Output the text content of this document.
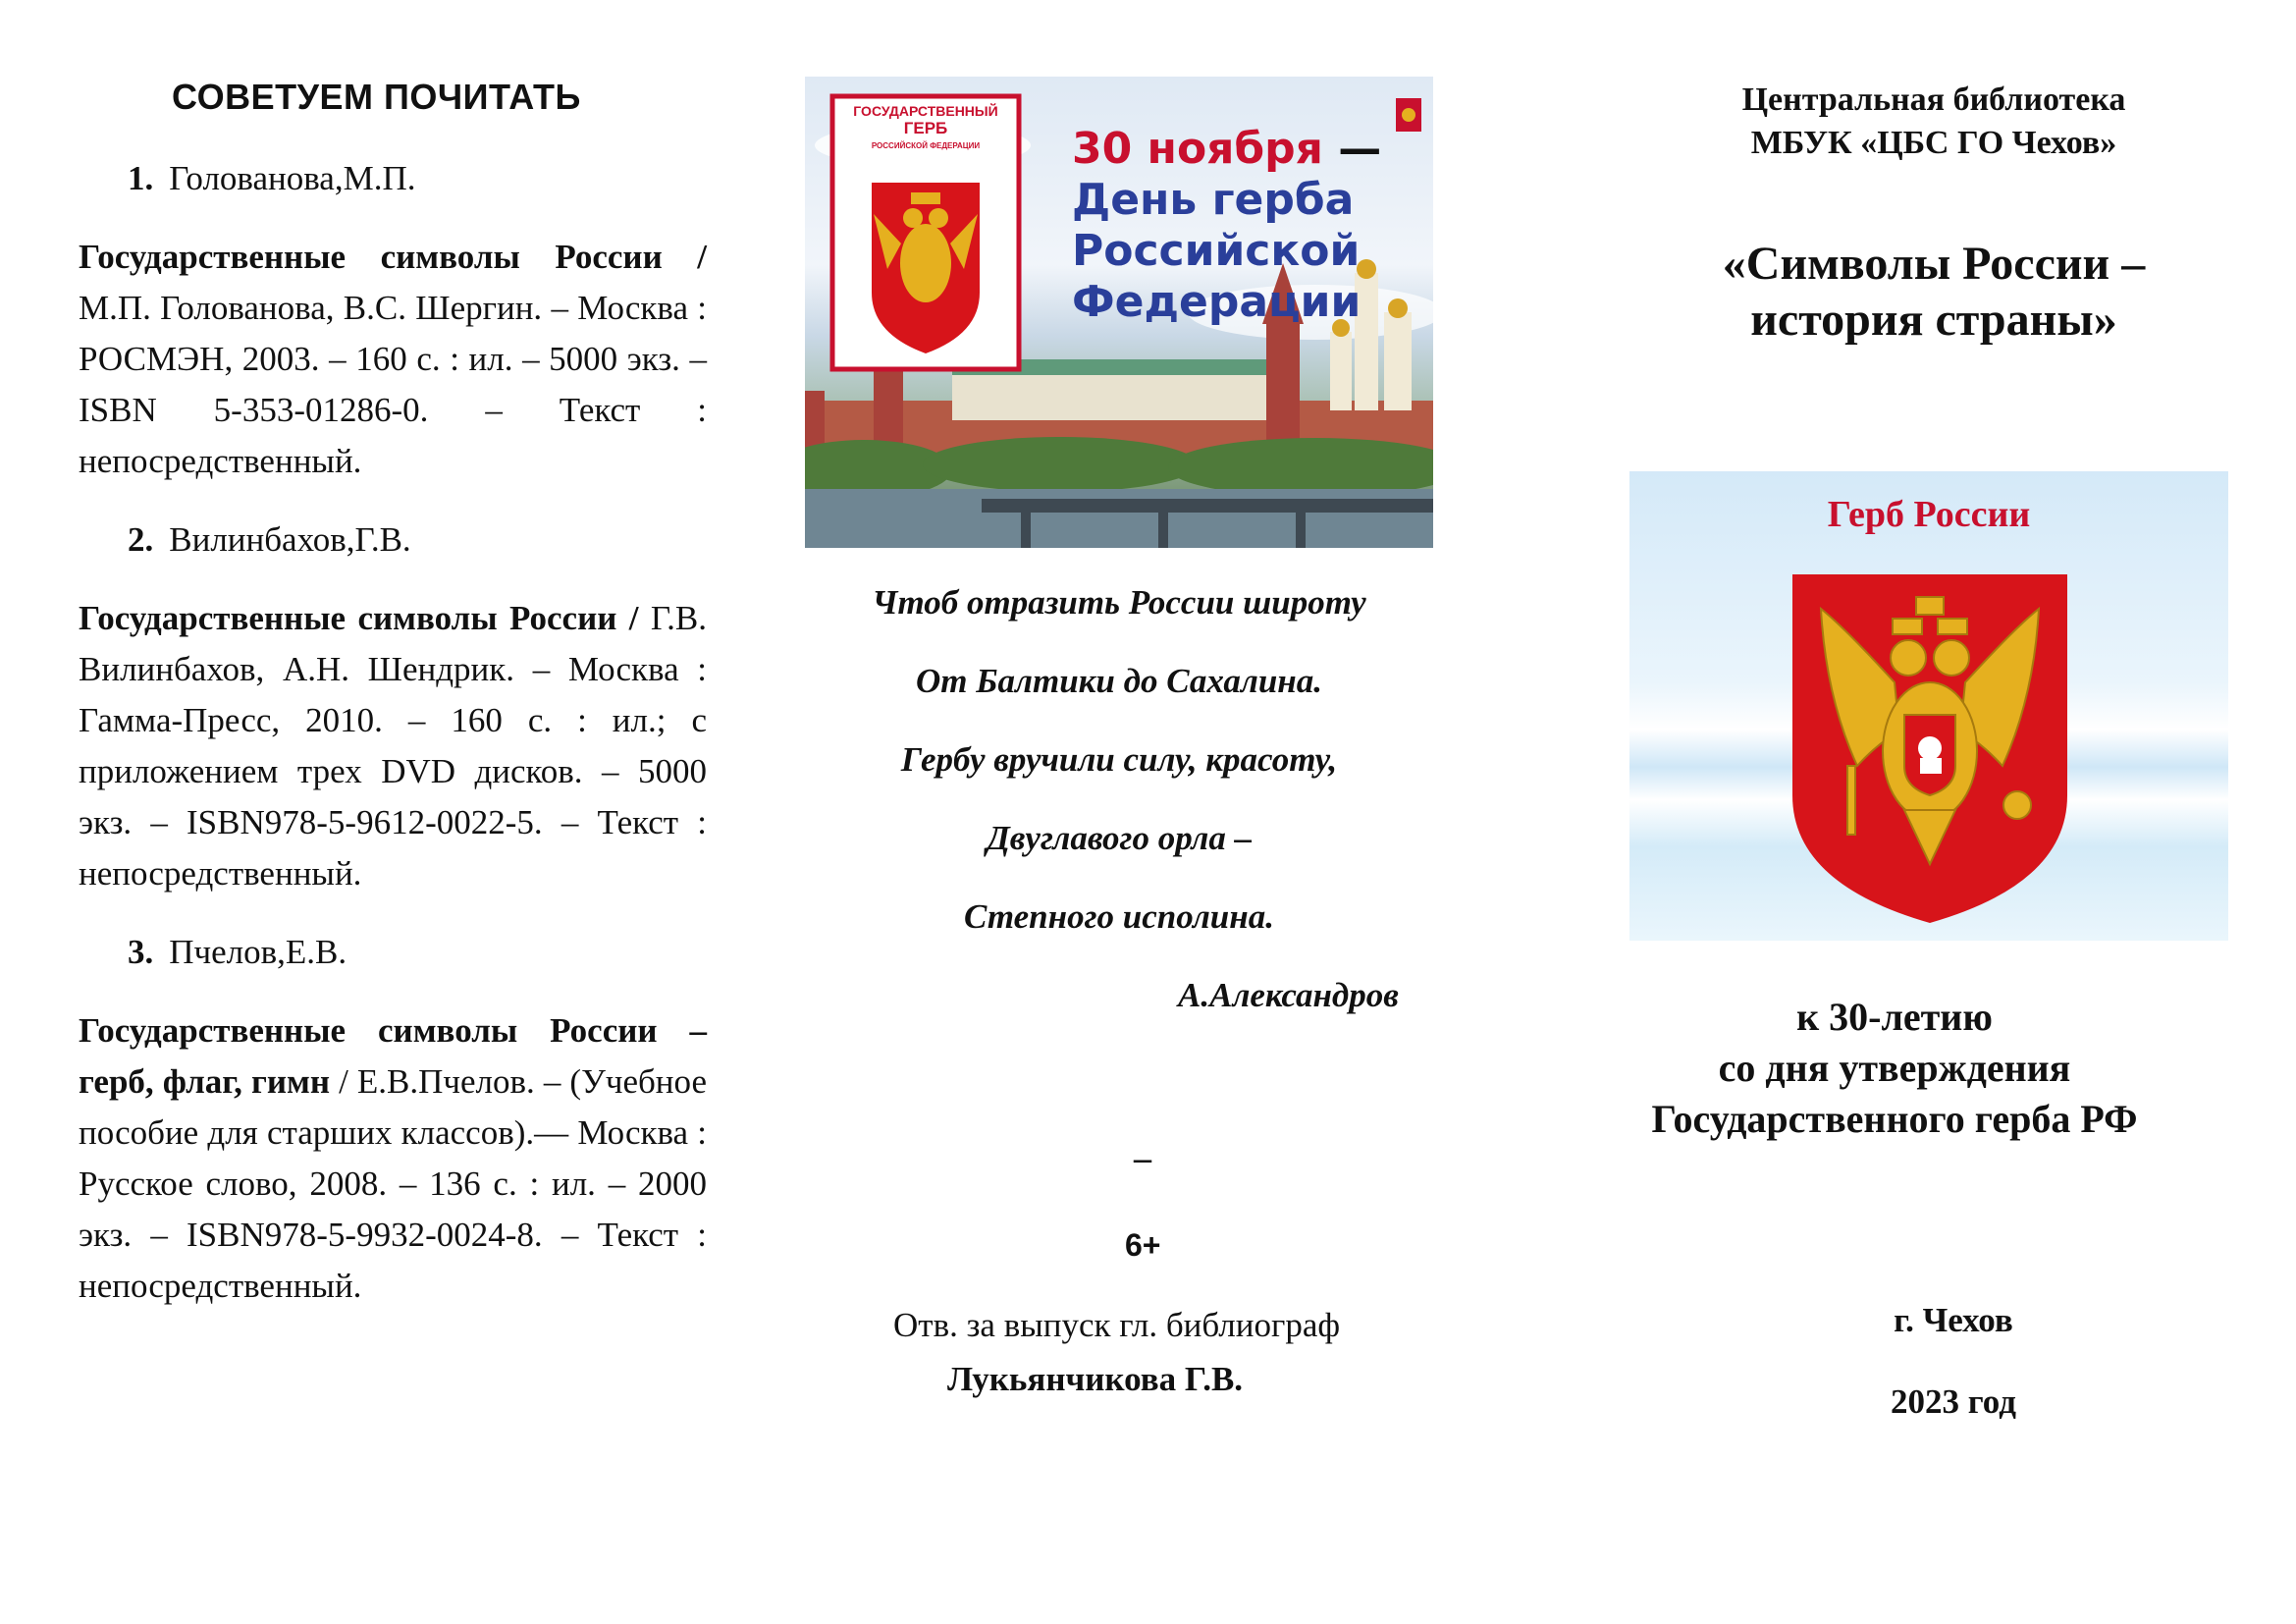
СОВЕТУЕМ ПОЧИТАТЬ
1. Голованова,М.П.
Государственные символы России / М.П. Голованова, В.С. Шергин. – Москва : РОСМЭН, 2003. – 160 с. : ил. – 5000 экз. – ISBN 5-353-01286-0. – Текст : непосредственный.
2. Вилинбахов,Г.В.
Государственные символы России / Г.В. Вилинбахов, А.Н. Шендрик. – Москва : Гамма-Пресс, 2010. – 160 с. : ил.; с приложением трех DVD дисков. – 5000 экз. – ISBN978-5-9612-0022-5. – Текст : непосредственный.
3. Пчелов,Е.В.
Государственные символы России – герб, флаг, гимн / Е.В.Пчелов. – (Учебное пособие для старших классов).— Москва : Русское слово, 2008. – 136 с. : ил. – 2000 экз. – ISBN978-5-9932-0024-8. – Текст : непосредственный.
ГОСУДАРСТВЕННЫЙ
ГЕРБ
РОССИЙСКОЙ ФЕДЕРАЦИИ	30 ноября —
День герба
Российской
Федерации
Чтоб отразить России широту
От Балтики до Сахалина.
Гербу вручили силу, красоту,
Двуглавого орла –
Степного исполина.
А.Александров
–
6+
Отв. за выпуск гл. библиограф
Лукьянчикова Г.В.
Центральная библиотека
МБУК «ЦБС ГО Чехов»
«Символы России –
история страны»
Герб России
к 30-летию
со дня утверждения
Государственного герба РФ
г. Чехов
2023 год
